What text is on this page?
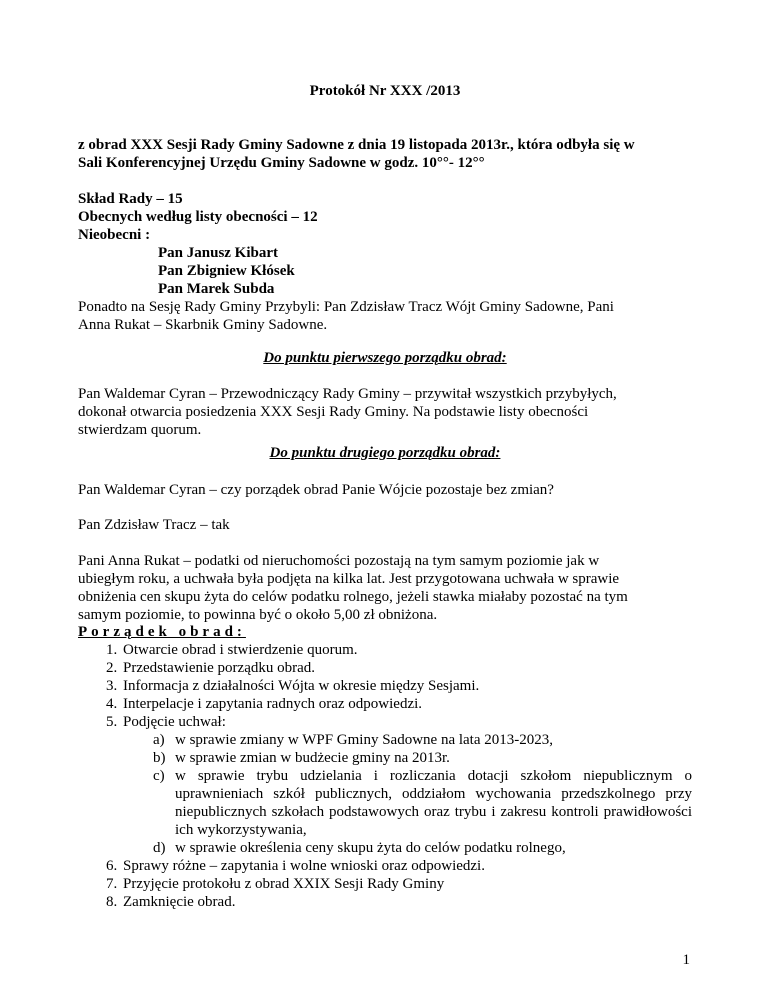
Protokół Nr XXX /2013

z obrad XXX Sesji Rady Gminy Sadowne z dnia 19 listopada 2013r., która odbyła się w

Sali Konferencyjnej Urzędu Gminy Sadowne w godz. 10°°- 12°°

Skład Rady – 15

Obecnych według listy obecności – 12

Nieobecni :

Pan Janusz Kibart

Pan Zbigniew Kłósek

Pan Marek Subda

Ponadto na Sesję Rady Gminy Przybyli: Pan Zdzisław Tracz Wójt Gminy Sadowne, Pani

Anna Rukat – Skarbnik Gminy Sadowne.

Do punktu pierwszego porządku obrad:

Pan Waldemar Cyran – Przewodniczący Rady Gminy – przywitał wszystkich przybyłych,

dokonał otwarcia posiedzenia XXX Sesji Rady Gminy. Na podstawie listy obecności

stwierdzam quorum.

Do punktu drugiego porządku obrad:

Pan Waldemar Cyran – czy porządek obrad Panie Wójcie pozostaje bez zmian?

Pan Zdzisław Tracz – tak

Pani Anna Rukat – podatki od nieruchomości pozostają na tym samym poziomie jak w

ubiegłym roku, a uchwała była podjęta na kilka lat. Jest przygotowana uchwała w sprawie

obniżenia cen skupu żyta do celów podatku rolnego, jeżeli stawka miałaby pozostać na tym

samym poziomie, to powinna być o około 5,00 zł obniżona.

Porządek obrad:

1. Otwarcie obrad i stwierdzenie quorum.
2. Przedstawienie porządku obrad.
3. Informacja z działalności Wójta w okresie między Sesjami.
4. Interpelacje i zapytania radnych oraz odpowiedzi.
5. Podjęcie uchwał:
a) w sprawie zmiany w WPF Gminy Sadowne na lata 2013-2023,
b) w sprawie zmian w budżecie gminy na 2013r.
c) w sprawie trybu udzielania i rozliczania dotacji szkołom niepublicznym o uprawnieniach szkół publicznych, oddziałom wychowania przedszkolnego przy niepublicznych szkołach podstawowych oraz trybu i zakresu kontroli prawidłowości ich wykorzystywania,
d) w sprawie określenia ceny skupu żyta do celów podatku rolnego,
6. Sprawy różne – zapytania i wolne wnioski oraz odpowiedzi.
7. Przyjęcie protokołu z obrad XXIX Sesji Rady Gminy
8. Zamknięcie obrad.
1
